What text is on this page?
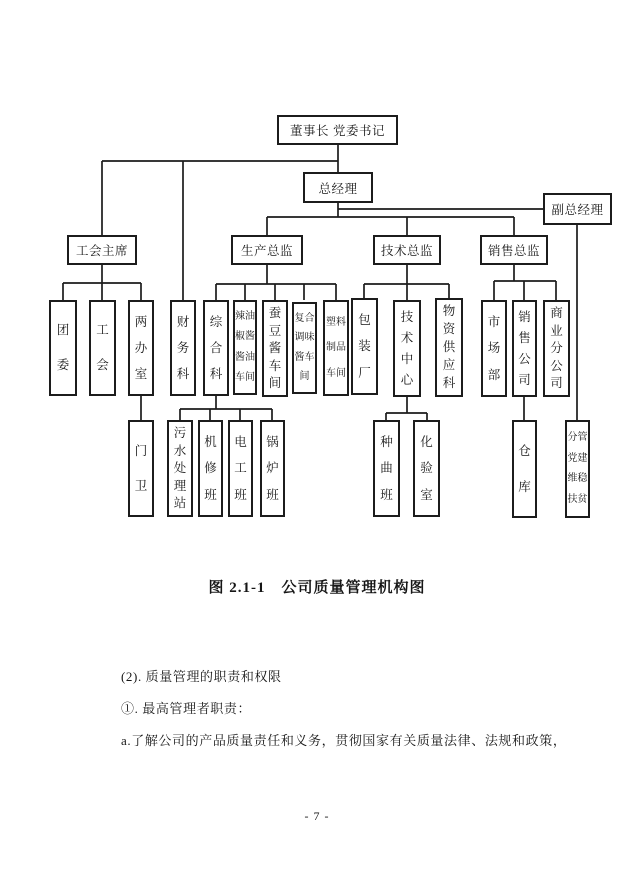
董事长 党委书记
总经理
副总经理
工会主席	生产总监	技术总监	销售总监
团
委
工
会
两
办
室
财
务
科
综
合
科
辣油
椒酱
酱油
车间
蚕
豆
酱
车
间
复合
调味
酱车
间
塑料
制品
车间
包
装
厂
技
术
中
心
物
资
供
应
科
市
场
部
销
售
公
司
商
业
分
公
司
门
卫
污
水
处
理
站
机
修
班
电
工
班
锅
炉
班
种
曲
班
化
验
室
仓
库
分管
党建
维稳
扶贫
图 2.1-1　公司质量管理机构图
(2). 质量管理的职责和权限
①. 最高管理者职责：
a.了解公司的产品质量责任和义务，贯彻国家有关质量法律、法规和政策，
- 7 -
